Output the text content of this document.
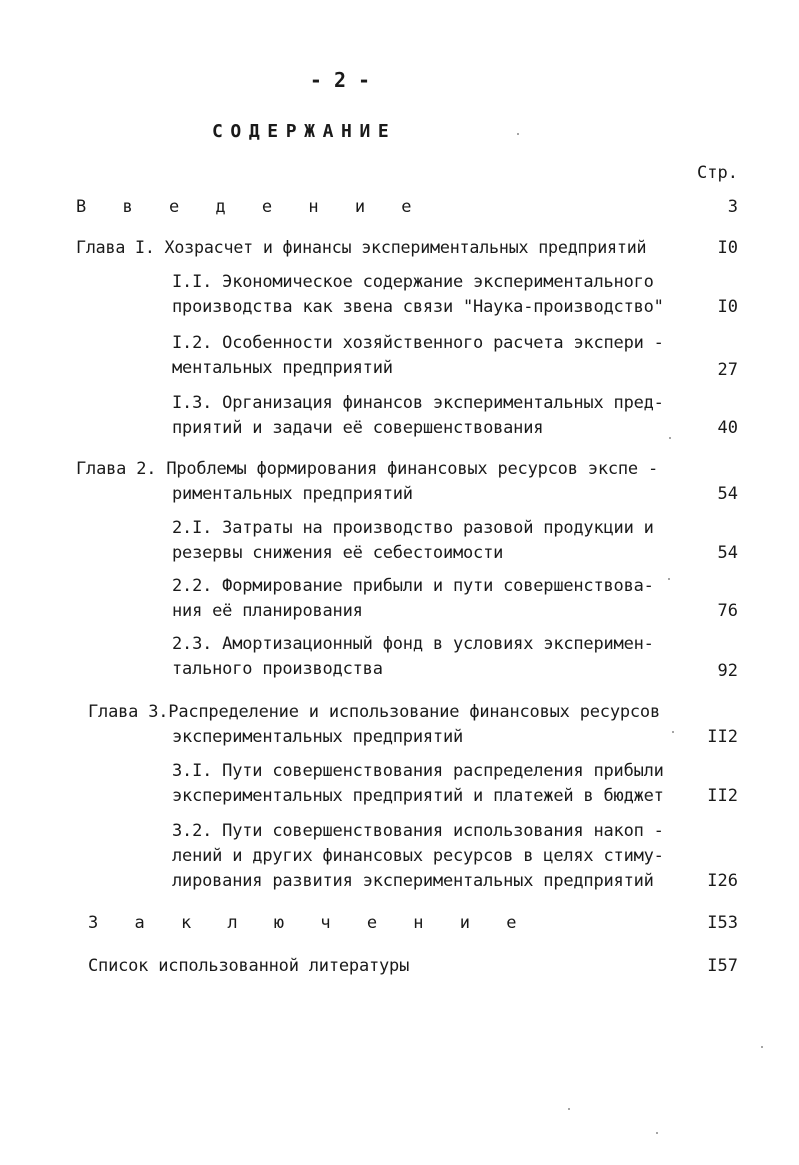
- 2 -
СОДЕРЖАНИЕ
Стр.
В в е д е н и е	3
Глава I. Хозрасчет и финансы экспериментальных предприятий	I0
I.I. Экономическое содержание экспериментального
производства как звена связи "Наука-производство"	I0
I.2. Особенности хозяйственного расчета экспери -
ментальных предприятий	27
I.3. Организация финансов экспериментальных пред-
приятий и задачи её совершенствования	40
Глава 2. Проблемы формирования финансовых ресурсов экспе -
риментальных предприятий	54
2.I. Затраты на производство разовой продукции и
резервы снижения её себестоимости	54
2.2. Формирование прибыли и пути совершенствова-
ния её планирования	76
2.3. Амортизационный фонд в условиях эксперимен-
тального производства	92
Глава 3.Распределение и использование финансовых ресурсов
экспериментальных предприятий	II2
3.I. Пути совершенствования распределения прибыли
экспериментальных предприятий и платежей в бюджет	II2
3.2. Пути совершенствования использования накоп -
лений и других финансовых ресурсов в целях стиму-
лирования развития экспериментальных предприятий	I26
З а к л ю ч е н и е	I53
Список использованной литературы	I57
